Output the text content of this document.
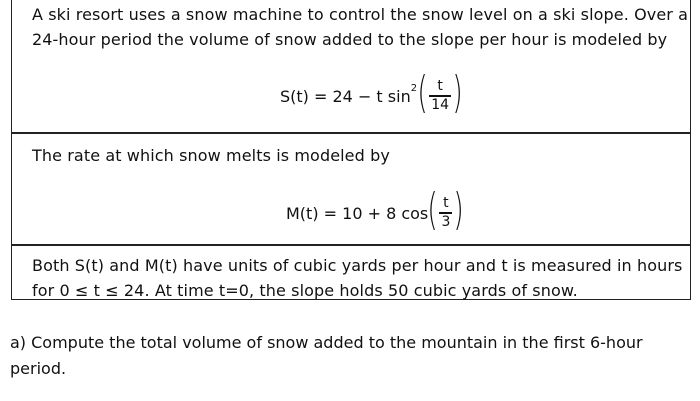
A ski resort uses a snow machine to control the snow level on a ski slope. Over a
24-hour period the volume of snow added to the slope per hour is modeled by
S(t) = 24 − t sin 2 ( $\frac{t}{14}$ )
The rate at which snow melts is modeled by
M(t) = 10 + 8 cos ( $\frac{t}{3}$ )
Both S(t) and M(t) have units of cubic yards per hour and t is measured in hours
for 0 ≤ t ≤ 24. At time t=0, the slope holds 50 cubic yards of snow.
a) Compute the total volume of snow added to the mountain in the first 6-hour
period.
